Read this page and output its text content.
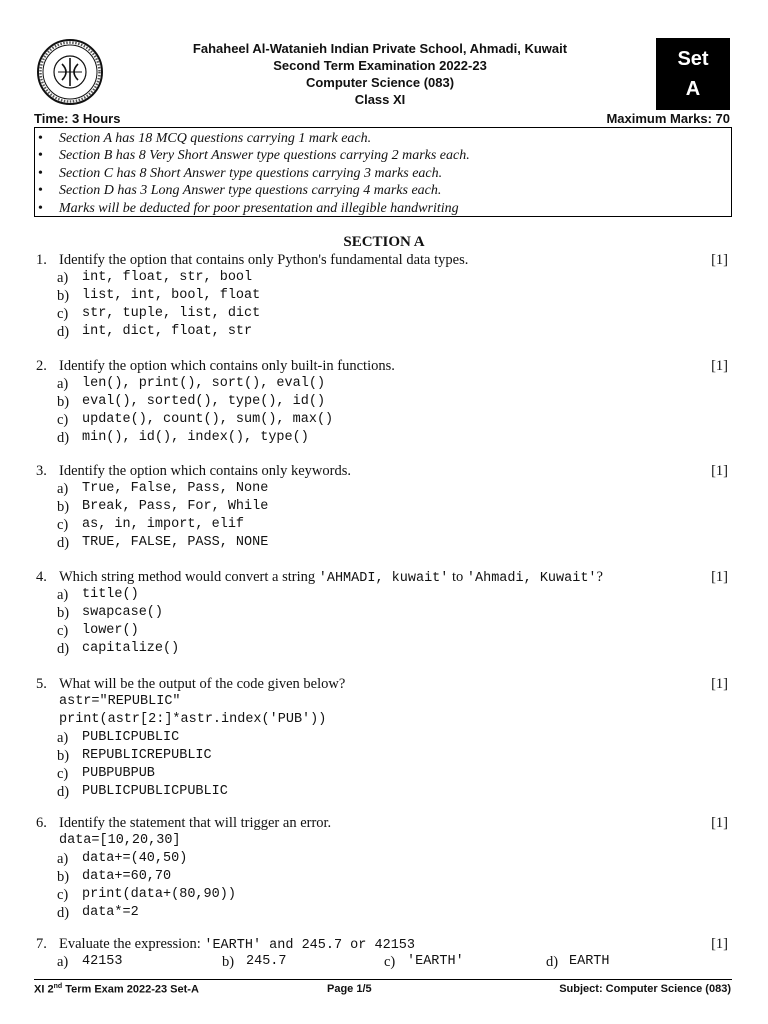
Fahaheel Al-Watanieh Indian Private School, Ahmadi, Kuwait
Second Term Examination 2022-23
Computer Science (083)
Class XI
Set
A
Time: 3 Hours	Maximum Marks: 70
• Section A has 18 MCQ questions carrying 1 mark each.
• Section B has 8 Very Short Answer type questions carrying 2 marks each.
• Section C has 8 Short Answer type questions carrying 3 marks each.
• Section D has 3 Long Answer type questions carrying 4 marks each.
• Marks will be deducted for poor presentation and illegible handwriting
SECTION A
1. Identify the option that contains only Python's fundamental data types.	[1]
a) int, float, str, bool
b) list, int, bool, float
c) str, tuple, list, dict
d) int, dict, float, str
2. Identify the option which contains only built-in functions.	[1]
a) len(), print(), sort(), eval()
b) eval(), sorted(), type(), id()
c) update(), count(), sum(), max()
d) min(), id(), index(), type()
3. Identify the option which contains only keywords.	[1]
a) True, False, Pass, None
b) Break, Pass, For, While
c) as, in, import, elif
d) TRUE, FALSE, PASS, NONE
4. Which string method would convert a string 'AHMADI, kuwait' to 'Ahmadi, Kuwait'?	[1]
a) title()
b) swapcase()
c) lower()
d) capitalize()
5. What will be the output of the code given below?	[1]
astr="REPUBLIC"
print(astr[2:]*astr.index('PUB'))
a) PUBLICPUBLIC
b) REPUBLICREPUBLIC
c) PUBPUBPUB
d) PUBLICPUBLICPUBLIC
6. Identify the statement that will trigger an error.	[1]
data=[10,20,30]
a) data+=(40,50)
b) data+=60,70
c) print(data+(80,90))
d) data*=2
7. Evaluate the expression: 'EARTH' and 245.7 or 42153	[1]
a) 42153	b) 245.7	c) 'EARTH'	d) EARTH
XI 2nd Term Exam 2022-23 Set-A	Page 1/5	Subject: Computer Science (083)
